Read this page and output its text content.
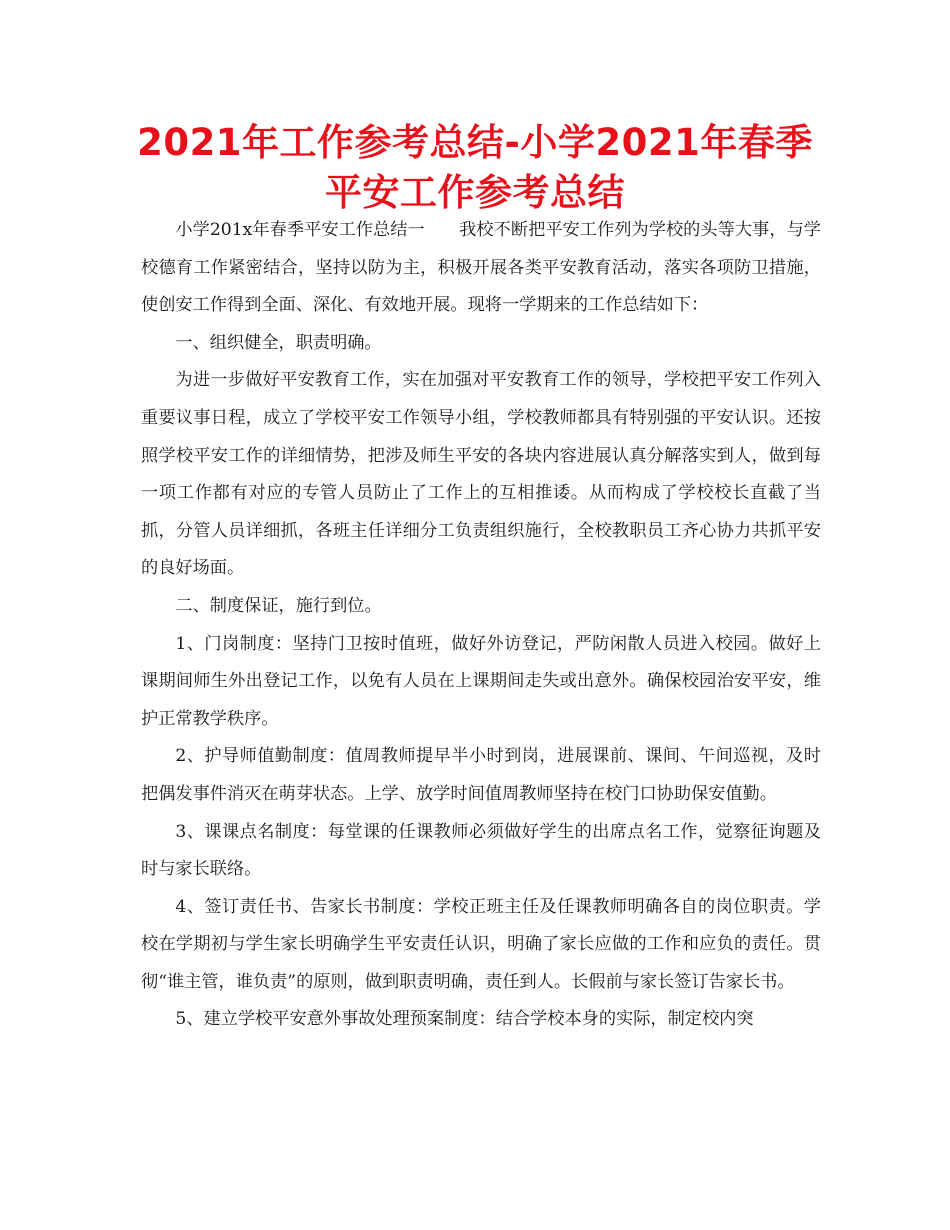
2021年工作参考总结-小学2021年春季平安工作参考总结

小学201x年春季平安工作总结一　　我校不断把平安工作列为学校的头等大事，与学校德育工作紧密结合，坚持以防为主，积极开展各类平安教育活动，落实各项防卫措施，使创安工作得到全面、深化、有效地开展。现将一学期来的工作总结如下：

一、组织健全，职责明确。

为进一步做好平安教育工作，实在加强对平安教育工作的领导，学校把平安工作列入重要议事日程，成立了学校平安工作领导小组，学校教师都具有特别强的平安认识。还按照学校平安工作的详细情势，把涉及师生平安的各块内容进展认真分解落实到人，做到每一项工作都有对应的专管人员防止了工作上的互相推诿。从而构成了学校校长直截了当抓，分管人员详细抓，各班主任详细分工负责组织施行，全校教职员工齐心协力共抓平安的良好场面。

二、制度保证，施行到位。

1、门岗制度：坚持门卫按时值班，做好外访登记，严防闲散人员进入校园。做好上课期间师生外出登记工作，以免有人员在上课期间走失或出意外。确保校园治安平安，维护正常教学秩序。

2、护导师值勤制度：值周教师提早半小时到岗，进展课前、课间、午间巡视，及时把偶发事件消灭在萌芽状态。上学、放学时间值周教师坚持在校门口协助保安值勤。

3、课课点名制度：每堂课的任课教师必须做好学生的出席点名工作，觉察征询题及时与家长联络。

4、签订责任书、告家长书制度：学校正班主任及任课教师明确各自的岗位职责。学校在学期初与学生家长明确学生平安责任认识，明确了家长应做的工作和应负的责任。贯彻“谁主管，谁负责”的原则，做到职责明确，责任到人。长假前与家长签订告家长书。

5、建立学校平安意外事故处理预案制度：结合学校本身的实际，制定校内突
